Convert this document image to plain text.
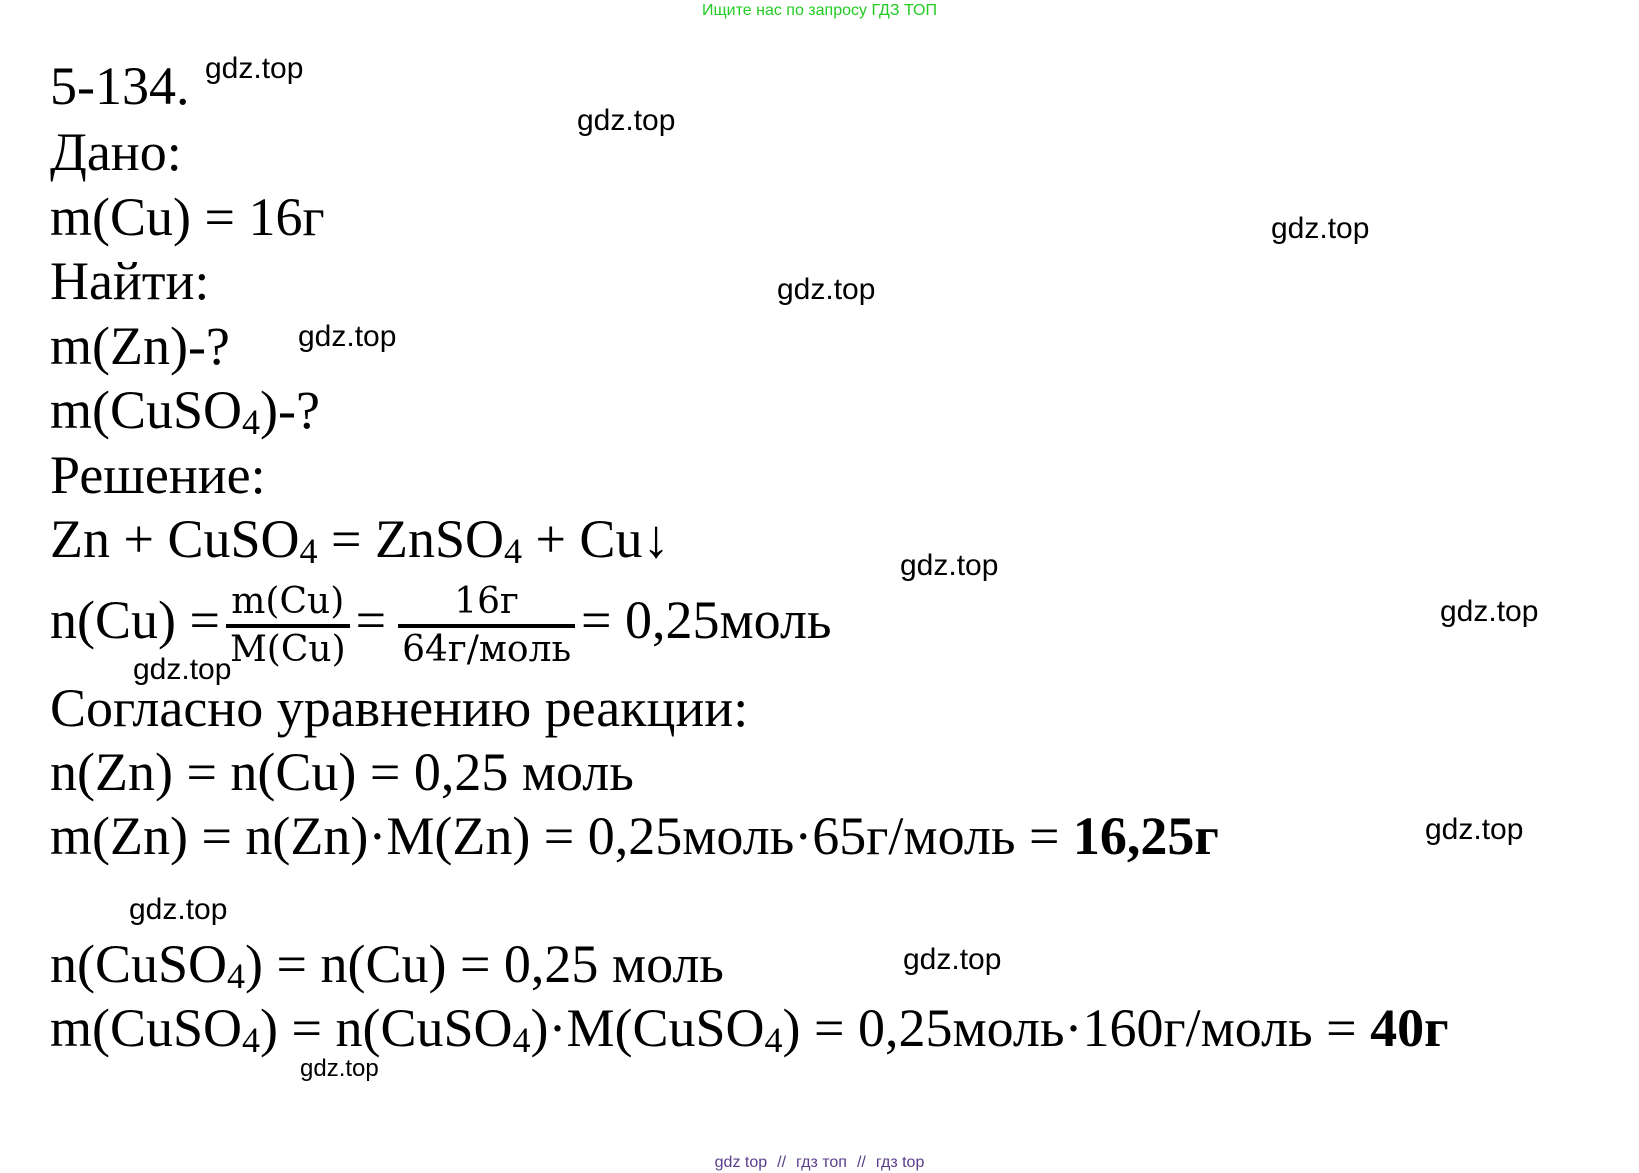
Ищите нас по запросу ГДЗ ТОП
5-134.
Дано:
m(Cu) = 16г
Найти:
m(Zn)-?
m(CuSO$_4$)-?
Решение:
Zn + CuSO$_4$ = ZnSO$_4$ + Cu↓
$n(Cu) = \frac{m(Cu)}{M(Cu)} = \frac{16г}{\text{64г/моль}}$ = 0,25моль
Согласно уравнению реакции:
n(Zn) = n(Cu) = 0,25 моль
m(Zn) = n(Zn)·M(Zn) = 0,25моль·65г/моль = 16,25г
n(CuSO$_4$) = n(Cu) = 0,25 моль
m(CuSO$_4$) = n(CuSO$_4$)·M(CuSO$_4$) = 0,25моль·160г/моль = 40г
gdz.top
gdz.top
gdz.top
gdz.top
gdz.top
gdz.top
gdz.top
gdz.top
gdz.top
gdz.top
gdz.top
gdz.top
gdz top // гдз топ // гдз top
